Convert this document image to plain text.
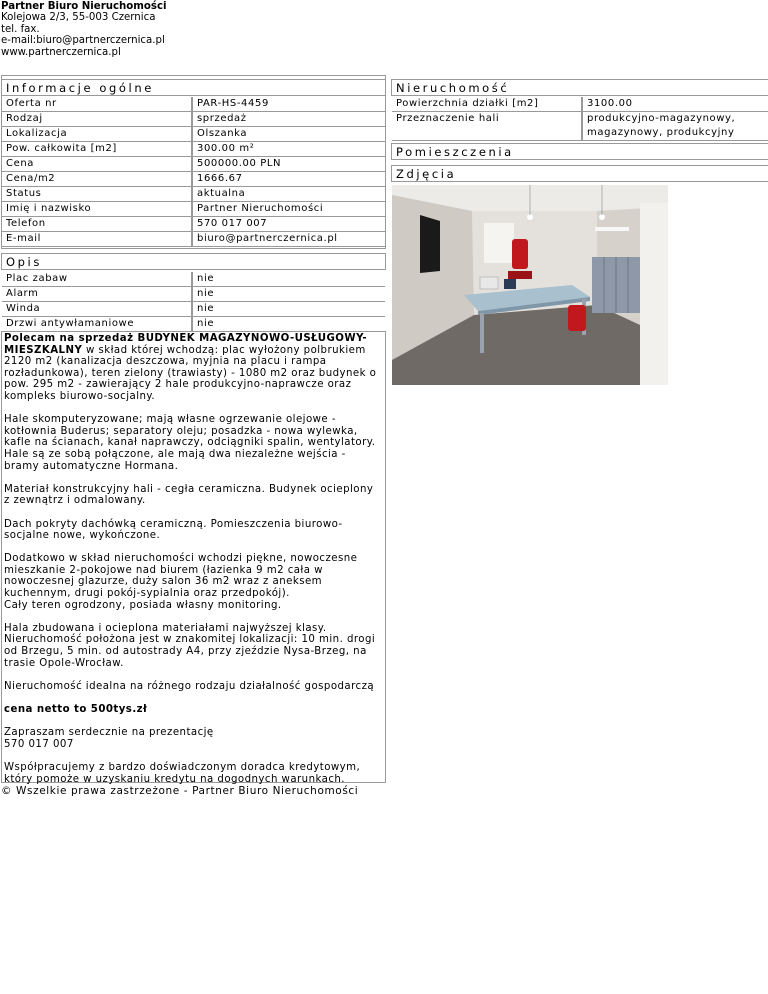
Partner Biuro Nieruchomości
Kolejowa 2/3, 55-003 Czernica
tel. fax.
e-mail:biuro@partnerczernica.pl
www.partnerczernica.pl
Informacje ogólne
Oferta nr	PAR-HS-4459
Rodzaj	sprzedaż
Lokalizacja	Olszanka
Pow. całkowita [m2]	300.00 m²
Cena	500000.00 PLN
Cena/m2	1666.67
Status	aktualna
Imię i nazwisko	Partner Nieruchomości
Telefon	570 017 007
E-mail	biuro@partnerczernica.pl
Opis
Plac zabaw	nie
Alarm	nie
Winda	nie
Drzwi antywłamaniowe	nie

Polecam na sprzedaż BUDYNEK MAGAZYNOWO-USŁUGOWY-MIESZKALNY w skład której wchodzą: plac wyłożony polbrukiem 2120 m2 (kanalizacja deszczowa, myjnia na placu i rampa rozładunkowa), teren zielony (trawiasty) - 1080 m2 oraz budynek o pow. 295 m2 - zawierający 2 hale produkcyjno-naprawcze oraz kompleks biurowo-socjalny.

Hale skomputeryzowane; mają własne ogrzewanie olejowe - kotłownia Buderus; separatory oleju; posadzka - nowa wylewka, kafle na ścianach, kanał naprawczy, odciągniki spalin, wentylatory. Hale są ze sobą połączone, ale mają dwa niezależne wejścia - bramy automatyczne Hormana.

Materiał konstrukcyjny hali - cegła ceramiczna. Budynek ocieplony z zewnątrz i odmalowany.

Dach pokryty dachówką ceramiczną. Pomieszczenia biurowo-socjalne nowe, wykończone.

Dodatkowo w skład nieruchomości wchodzi piękne, nowoczesne mieszkanie 2-pokojowe nad biurem (łazienka 9 m2 cała w nowoczesnej glazurze, duży salon 36 m2 wraz z aneksem kuchennym, drugi pokój-sypialnia oraz przedpokój).
Cały teren ogrodzony, posiada własny monitoring.

Hala zbudowana i ocieplona materiałami najwyższej klasy. Nieruchomość położona jest w znakomitej lokalizacji: 10 min. drogi od Brzegu, 5 min. od autostrady A4, przy zjeździe Nysa-Brzeg, na trasie Opole-Wrocław.

Nieruchomość idealna na różnego rodzaju działalność gospodarczą

cena netto to 500tys.zł

Zapraszam serdecznie na prezentację
570 017 007

Współpracujemy z bardzo doświadczonym doradca kredytowym, który pomoże w uzyskaniu kredytu na dogodnych warunkach.

Nieruchomość
Powierzchnia działki [m2]	3100.00
Przeznaczenie hali	produkcyjno-magazynowy, magazynowy, produkcyjny
Pomieszczenia
Zdjęcia
© Wszelkie prawa zastrzeżone - Partner Biuro Nieruchomości
